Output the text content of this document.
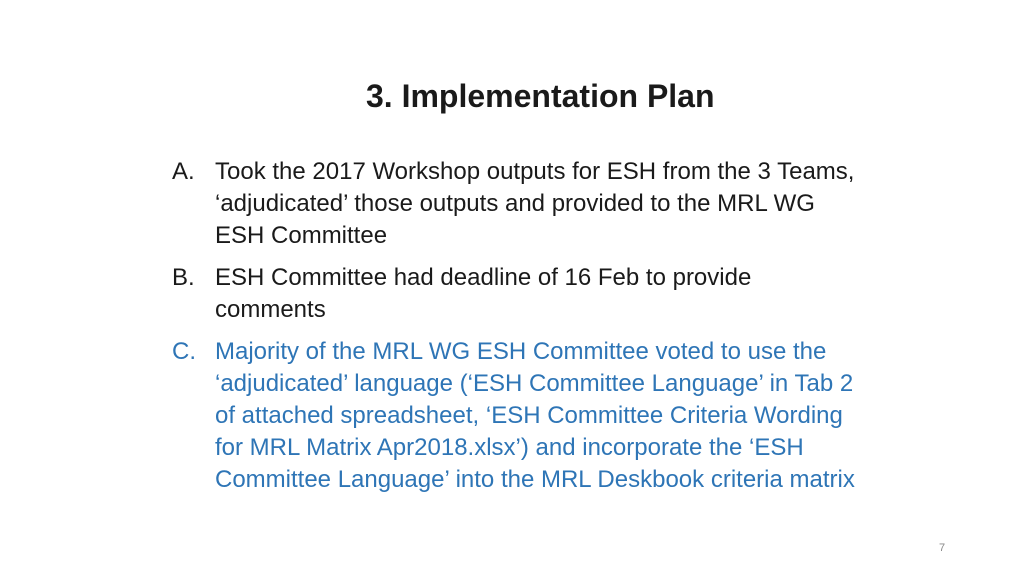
3. Implementation Plan
A. Took the 2017 Workshop outputs for ESH from the 3 Teams, ‘adjudicated’ those outputs and provided to the MRL WG ESH Committee
B. ESH Committee had deadline of 16 Feb to provide comments
C. Majority of the MRL WG ESH Committee voted to use the ‘adjudicated’ language (‘ESH Committee Language’ in Tab 2 of attached spreadsheet, ‘ESH Committee Criteria Wording for MRL Matrix Apr2018.xlsx’) and incorporate the ‘ESH Committee Language’ into the MRL Deskbook criteria matrix
7
